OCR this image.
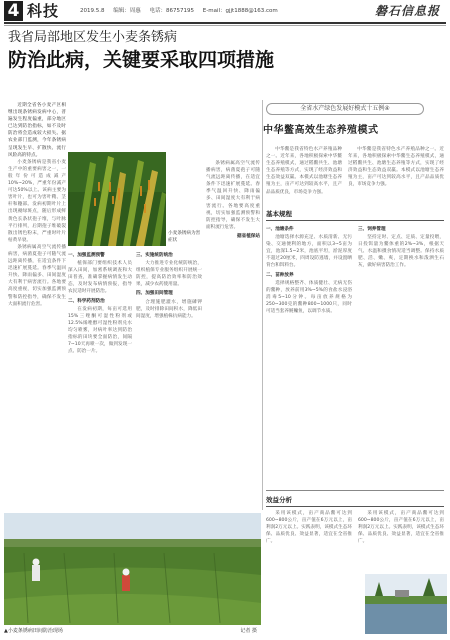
4 科技	2019.5.8 编辑：周惠 电话：86757195 E-mail：gjjt1888@163.com	磐石信息报
我省局部地区发生小麦条锈病
防治此病，关键要采取四项措施

近期全省各小麦产区相继出现条锈病发病中心，普遍发生程度偏重，部分地区已达到防治指标，如不及时防治将会造成较大损失。据农业部门监测，今年条锈病呈现发生早、扩散快、流行风险高的特点。

小麦条锈病是我省小麦生产中的重要病害之一，一般年份可造成减产10%~20%，严重年份减产可达50%以上。该病主要为害叶片，也可为害叶鞘、茎秆和穗部。发病初期叶片上出现褪绿斑点，随后形成鲜黄色长条状孢子堆，与叶脉平行排列，后期孢子堆破裂散出锈色粉末，严重时叶片枯黄早衰。

条锈病属高空气流传播病害，病菌夏孢子可随气流远距离传播，在适宜条件下迅速扩展蔓延。春季气温回升快、降雨偏多、田间湿度大有利于病害流行。各地要高度重视，切实加强监测预警和防控指导，确保不发生大面积流行危害。

一、加强监测预警

植保部门要组织技术人员深入田间，加密系统调查和大田普查，准确掌握病情发生动态，及时发布病情预报，指导农民适时开展防治。

二、科学药剂防治

在发病初期，每亩可选用15%三唑酮可湿性粉剂或12.5%烯唑醇可湿性粉剂兑水均匀喷雾，对病叶率达到防治指标的田块要全面防治，间隔7~10天再喷一次，做到发现一点、防治一片。

小麦条锈病为害症状

三、实施统防统治

大力推进专业化统防统治，组织植保专业服务组织开展统一防控，提高防治效率和防治效果，减少农药使用量。

四、加强田间管理

合理施肥灌水，增施磷钾肥，及时排除田间积水，降低田间湿度，增强植株抗病能力。

条锈病属高空气流传播病害，病菌夏孢子可随气流远距离传播，在适宜条件下迅速扩展蔓延。春季气温回升快、降雨偏多、田间湿度大有利于病害流行。各地要高度重视，切实加强监测预警和防控指导，确保不发生大面积流行危害。

据省植保站

全省水产绿色发展好模式十五例④
中华鳖高效生态养殖模式

中华鳖是我省特色水产养殖品种之一。近年来，各地积极探索中华鳖生态养殖模式，通过稻鳖共生、池塘生态养殖等方式，实现了经济效益和生态效益双赢。本模式以池塘生态养殖为主，亩产可达到较高水平，且产品品质优良，市场竞争力强。

中华鳖是我省特色水产养殖品种之一。近年来，各地积极探索中华鳖生态养殖模式，通过稻鳖共生、池塘生态养殖等方式，实现了经济效益和生态效益双赢。本模式以池塘生态养殖为主，亩产可达到较高水平，且产品品质优良，市场竞争力强。

基本规程

一、池塘条件

池塘选择水源充足、水质清新、无污染、交通便利的地方，面积以3~5亩为宜，池深1.5~2米，池底平坦，淤泥厚度不超过20厘米，四周设防逃墙，并设置晒背台和饵料台。

二、苗种放养

选择规格整齐、体质健壮、无病无伤的鳖种，放养前用3%~5%的食盐水浸浴消毒5~10分钟。每亩放养规格为250~300克的鳖种800~1000只，同时可适当套养鲢鳙鱼，以调节水质。

三、饲养管理

坚持定时、定点、定质、定量投喂，日投饵量为鳖体重的2%~3%，根据天气、水温和摄食情况适当调整。保持水质肥、活、嫩、爽，定期换水和泼洒生石灰，做好病害防治工作。

效益分析

采用该模式，亩产商品鳖可达到600~800公斤，亩产值在6万元以上，亩利润2万元以上。实践表明，该模式生态环保、品质优良、效益显著，适宜在全省推广。

采用该模式，亩产商品鳖可达到600~800公斤，亩产值在6万元以上，亩利润2万元以上。实践表明，该模式生态环保、品质优良、效益显著，适宜在全省推广。

▲小麦条锈病田间防治现场	记者 摄
